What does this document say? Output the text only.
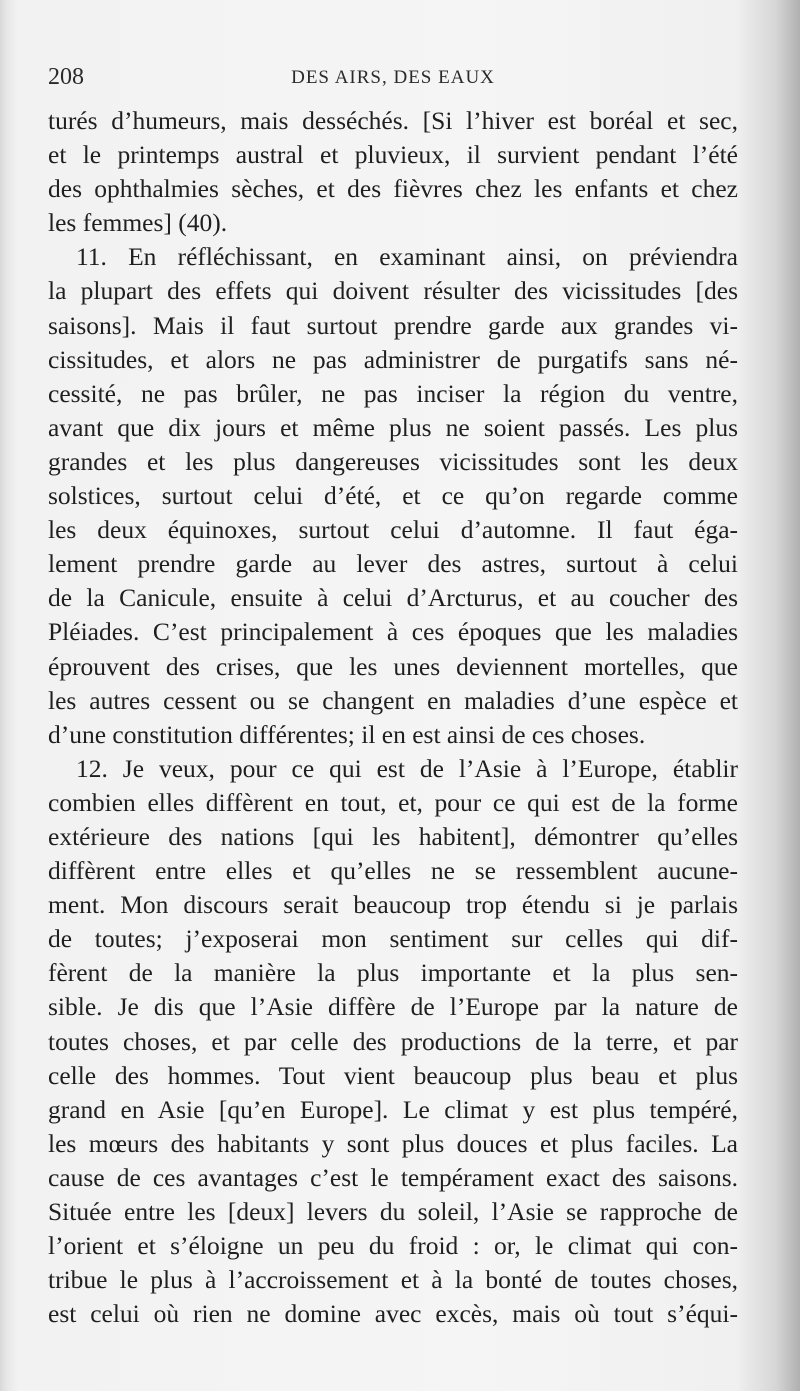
208	DES AIRS, DES EAUX
turés d’humeurs, mais desséchés. [Si l’hiver est boréal et sec,
et le printemps austral et pluvieux, il survient pendant l’été
des ophthalmies sèches, et des fièvres chez les enfants et chez
les femmes] (40).
11. En réfléchissant, en examinant ainsi, on préviendra
la plupart des effets qui doivent résulter des vicissitudes [des
saisons]. Mais il faut surtout prendre garde aux grandes vi-
cissitudes, et alors ne pas administrer de purgatifs sans né-
cessité, ne pas brûler, ne pas inciser la région du ventre,
avant que dix jours et même plus ne soient passés. Les plus
grandes et les plus dangereuses vicissitudes sont les deux
solstices, surtout celui d’été, et ce qu’on regarde comme
les deux équinoxes, surtout celui d’automne. Il faut éga-
lement prendre garde au lever des astres, surtout à celui
de la Canicule, ensuite à celui d’Arcturus, et au coucher des
Pléiades. C’est principalement à ces époques que les maladies
éprouvent des crises, que les unes deviennent mortelles, que
les autres cessent ou se changent en maladies d’une espèce et
d’une constitution différentes; il en est ainsi de ces choses.
12. Je veux, pour ce qui est de l’Asie à l’Europe, établir
combien elles diffèrent en tout, et, pour ce qui est de la forme
extérieure des nations [qui les habitent], démontrer qu’elles
diffèrent entre elles et qu’elles ne se ressemblent aucune-
ment. Mon discours serait beaucoup trop étendu si je parlais
de toutes; j’exposerai mon sentiment sur celles qui dif-
fèrent de la manière la plus importante et la plus sen-
sible. Je dis que l’Asie diffère de l’Europe par la nature de
toutes choses, et par celle des productions de la terre, et par
celle des hommes. Tout vient beaucoup plus beau et plus
grand en Asie [qu’en Europe]. Le climat y est plus tempéré,
les mœurs des habitants y sont plus douces et plus faciles. La
cause de ces avantages c’est le tempérament exact des saisons.
Située entre les [deux] levers du soleil, l’Asie se rapproche de
l’orient et s’éloigne un peu du froid : or, le climat qui con-
tribue le plus à l’accroissement et à la bonté de toutes choses,
est celui où rien ne domine avec excès, mais où tout s’équi-
